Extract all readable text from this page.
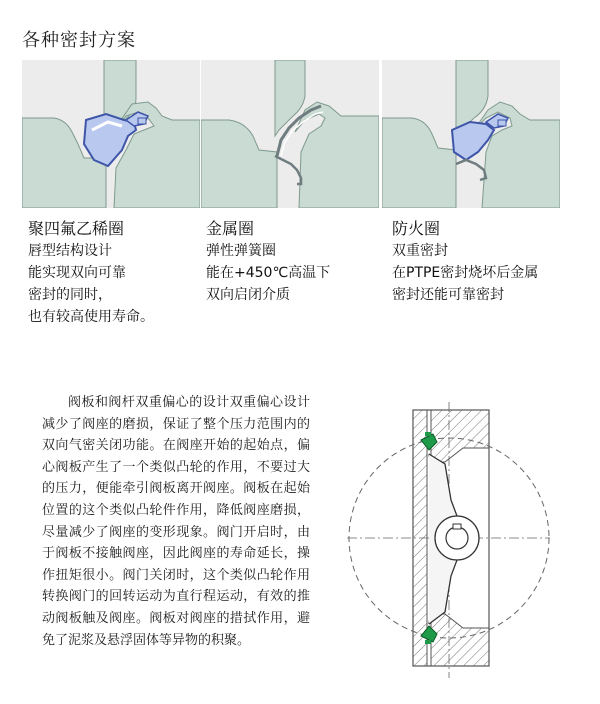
各种密封方案
聚四氟乙稀圈
唇型结构设计
能实现双向可靠
密封的同时，
也有较高使用寿命。
金属圈
弹性弹簧圈
能在+450℃高温下
双向启闭介质
防火圈
双重密封
在PTPE密封烧坏后金属
密封还能可靠密封

阀板和阀杆双重偏心的设计双重偏心设计减少了阀座的磨损，保证了整个压力范围内的双向气密关闭功能。在阀座开始的起始点，偏心阀板产生了一个类似凸轮的作用，不要过大的压力，便能牵引阀板离开阀座。阀板在起始位置的这个类似凸轮件作用，降低阀座磨损，尽量减少了阀座的变形现象。阀门开启时，由于阀板不接触阀座，因此阀座的寿命延长，操作扭矩很小。阀门关闭时，这个类似凸轮作用转换阀门的回转运动为直行程运动，有效的推动阀板触及阀座。阀板对阀座的措拭作用，避免了泥浆及悬浮固体等异物的积聚。
